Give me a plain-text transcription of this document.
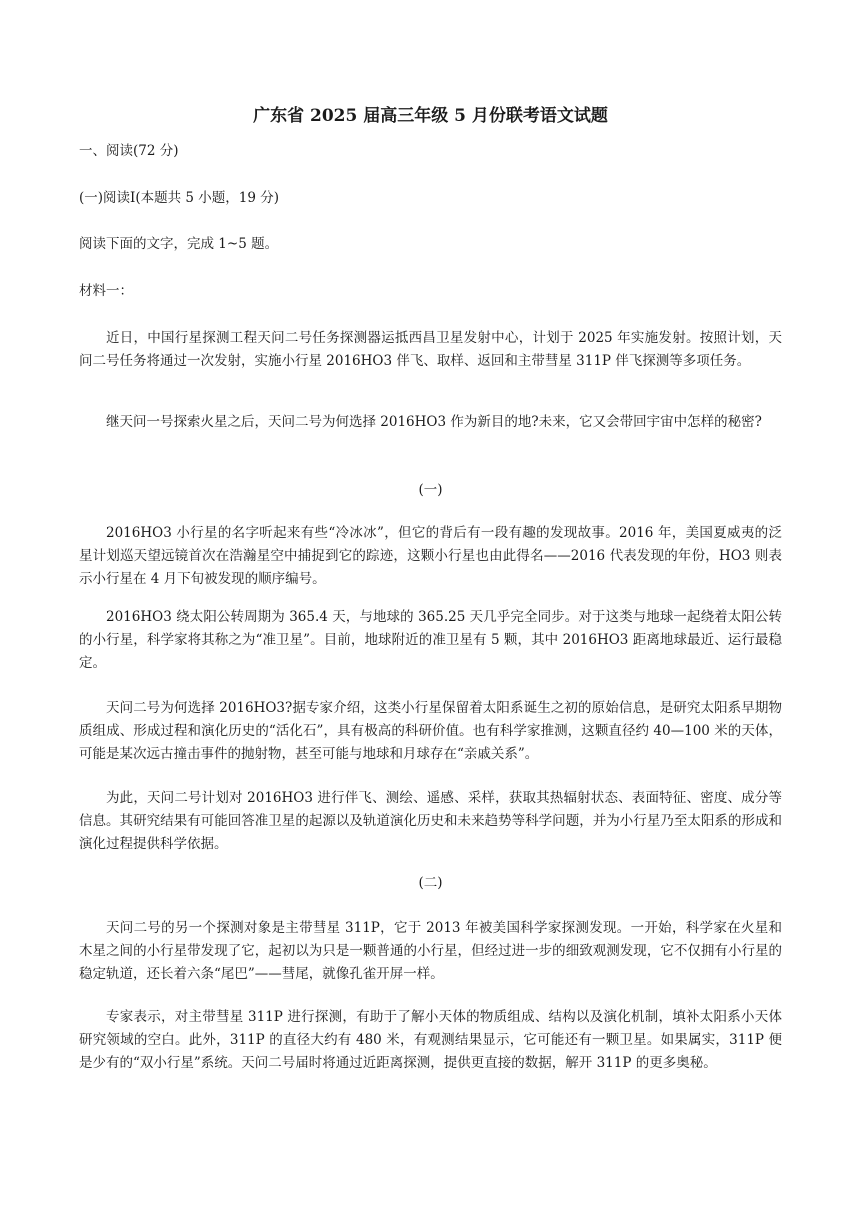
广东省 2025 届高三年级 5 月份联考语文试题

一、阅读(72 分)

(一)阅读Ⅰ(本题共 5 小题，19 分)

阅读下面的文字，完成 1~5 题。

材料一：

近日，中国行星探测工程天问二号任务探测器运抵西昌卫星发射中心，计划于 2025 年实施发射。按照计划，天问二号任务将通过一次发射，实施小行星 2016HO3 伴飞、取样、返回和主带彗星 311P 伴飞探测等多项任务。

继天问一号探索火星之后，天问二号为何选择 2016HO3 作为新目的地?未来，它又会带回宇宙中怎样的秘密?

(一)

2016HO3 小行星的名字听起来有些“冷冰冰”，但它的背后有一段有趣的发现故事。2016 年，美国夏威夷的泛星计划巡天望远镜首次在浩瀚星空中捕捉到它的踪迹，这颗小行星也由此得名——2016 代表发现的年份，HO3 则表示小行星在 4 月下旬被发现的顺序编号。

2016HO3 绕太阳公转周期为 365.4 天，与地球的 365.25 天几乎完全同步。对于这类与地球一起绕着太阳公转的小行星，科学家将其称之为“准卫星”。目前，地球附近的准卫星有 5 颗，其中 2016HO3 距离地球最近、运行最稳定。

天问二号为何选择 2016HO3?据专家介绍，这类小行星保留着太阳系诞生之初的原始信息，是研究太阳系早期物质组成、形成过程和演化历史的“活化石”，具有极高的科研价值。也有科学家推测，这颗直径约 40—100 米的天体，可能是某次远古撞击事件的抛射物，甚至可能与地球和月球存在“亲戚关系”。

为此，天问二号计划对 2016HO3 进行伴飞、测绘、遥感、采样，获取其热辐射状态、表面特征、密度、成分等信息。其研究结果有可能回答准卫星的起源以及轨道演化历史和未来趋势等科学问题，并为小行星乃至太阳系的形成和演化过程提供科学依据。

(二)

天问二号的另一个探测对象是主带彗星 311P，它于 2013 年被美国科学家探测发现。一开始，科学家在火星和木星之间的小行星带发现了它，起初以为只是一颗普通的小行星，但经过进一步的细致观测发现，它不仅拥有小行星的稳定轨道，还长着六条“尾巴”——彗尾，就像孔雀开屏一样。

专家表示，对主带彗星 311P 进行探测，有助于了解小天体的物质组成、结构以及演化机制，填补太阳系小天体研究领域的空白。此外，311P 的直径大约有 480 米，有观测结果显示，它可能还有一颗卫星。如果属实，311P 便是少有的“双小行星”系统。天问二号届时将通过近距离探测，提供更直接的数据，解开 311P 的更多奥秘。
